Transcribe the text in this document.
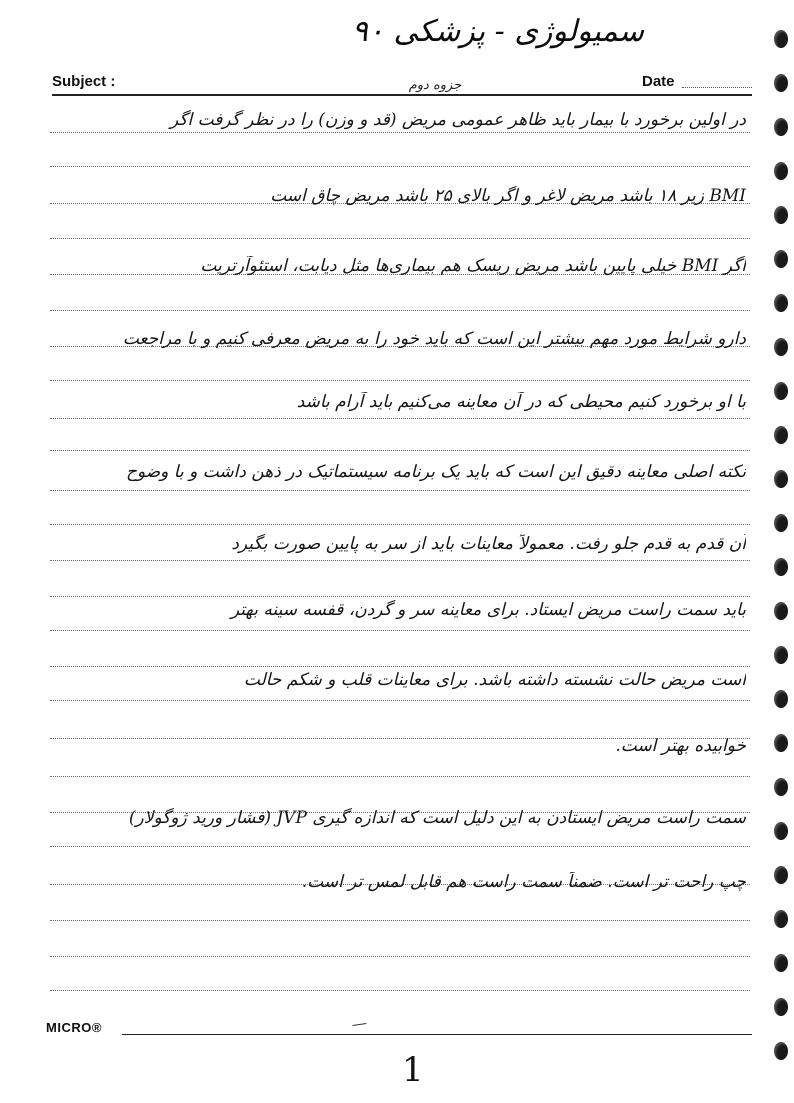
سمیولوژی - پزشکی ۹۰
Subject :	جزوه دوم	Date
در اولین برخورد با بیمار باید ظاهر عمومی مریض (قد و وزن) را در نظر گرفت اگر
BMI زیر ۱۸ باشد مریض لاغر و اگر بالای ۲۵ باشد مریض چاق است
اگر BMI خیلی پایین باشد مریض ریسک هم بیماری‌ها مثل دیابت، استئوآرتریت
دارو شرایط مورد مهم بیشتر این است که باید خود را به مریض معرفی کنیم و با مراجعت
با او برخورد کنیم محیطی که در آن معاینه می‌کنیم باید آرام باشد
نکته اصلی معاینه دقیق این است که باید یک برنامه سیستماتیک در ذهن داشت و با وضوح
آن قدم به قدم جلو رفت. معمولاً معاینات باید از سر به پایین صورت بگیرد
باید سمت راست مریض ایستاد. برای معاینه سر و گردن، قفسه سینه بهتر
است مریض حالت نشسته داشته باشد. برای معاینات قلب و شکم حالت
خوابیده بهتر است.
سمت راست مریض ایستادن به این دلیل است که اندازه گیری JVP (فشار ورید ژوگولار)
چپ راحت تر است. ضمناً سمت راست هم قابل لمس تر است.
MICRO®
1
